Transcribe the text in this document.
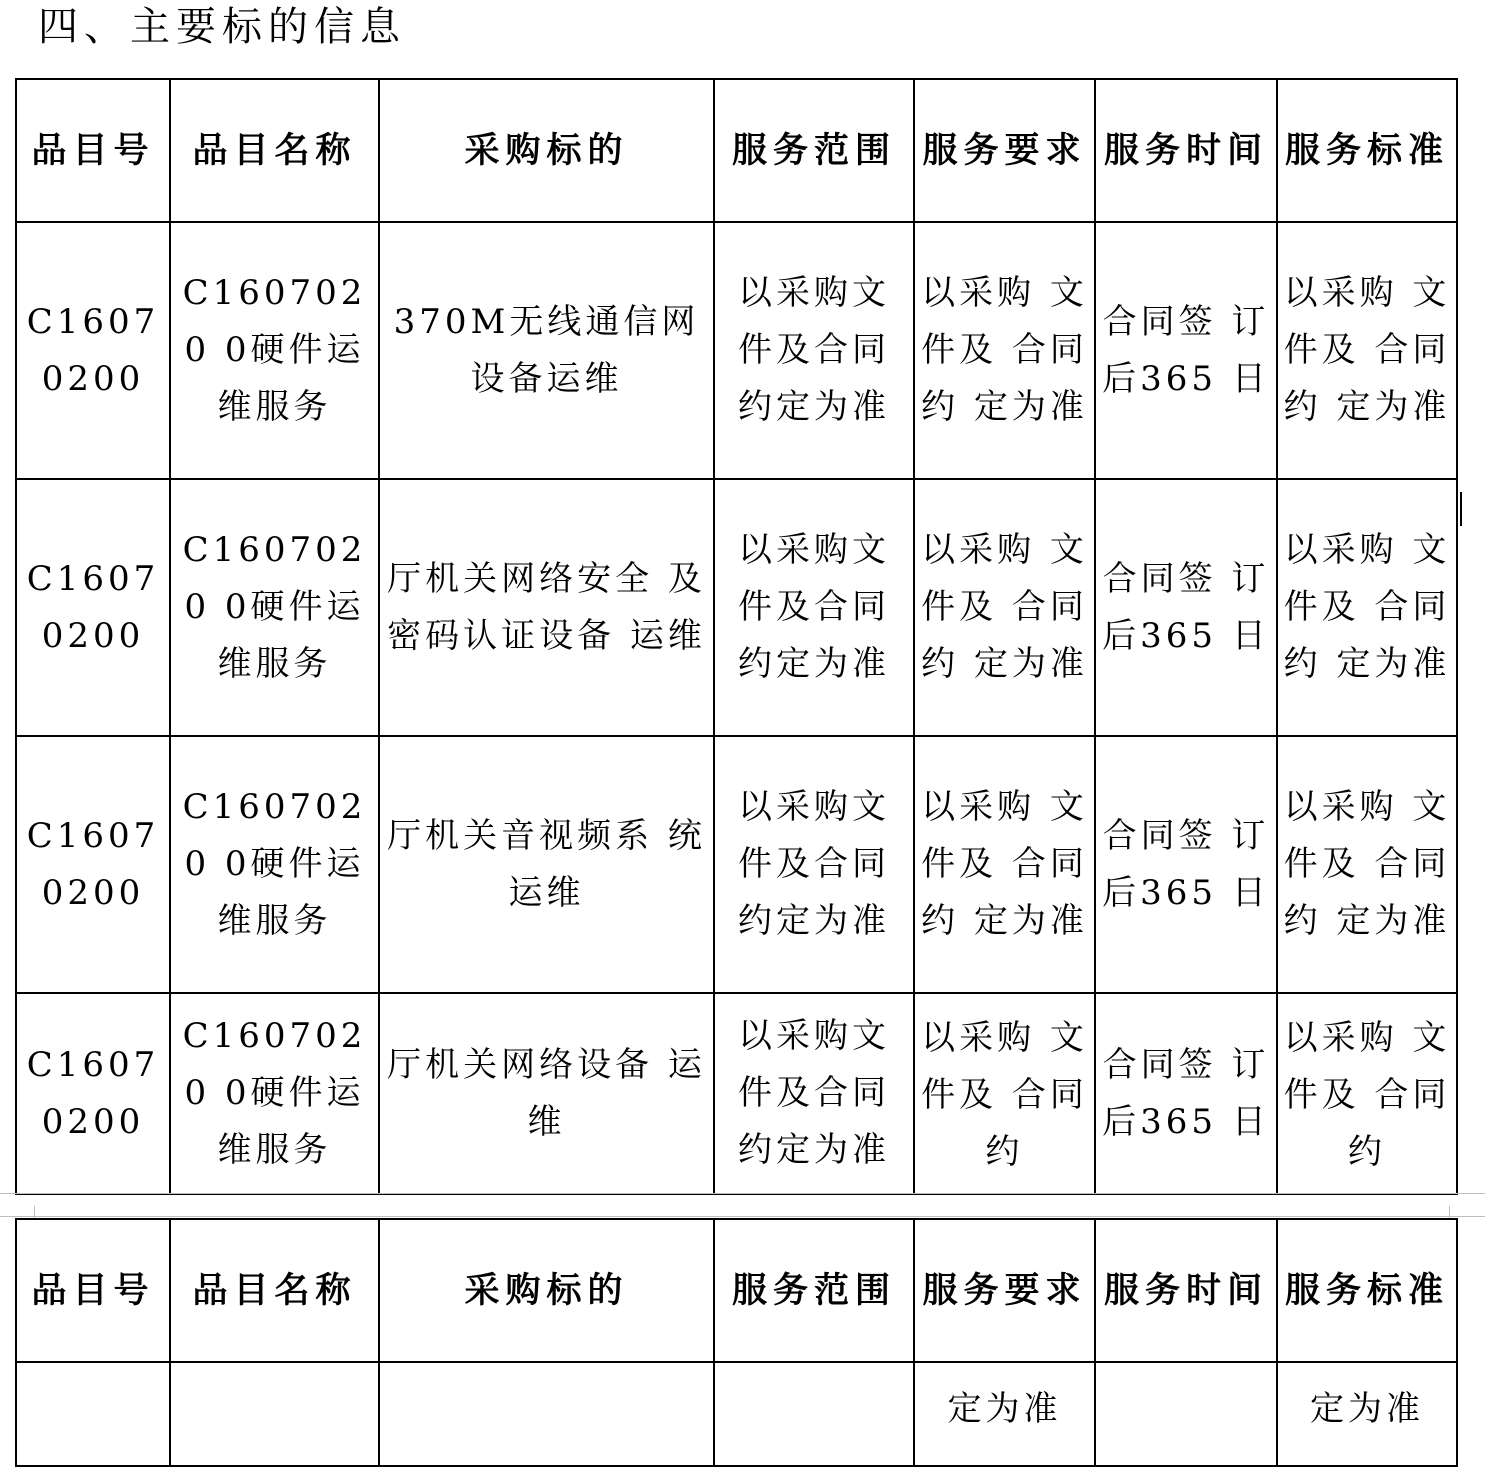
四、主要标的信息
品目号	品目名称	采购标的	服务范围	服务要求	服务时间	服务标准
C1607 0200	C1607020 0硬件运 维服务	370M无线通信网 设备运维	以采购文 件及合同 约定为准	以采购 文件及 合同约 定为准	合同签 订后365 日	以采购 文件及 合同约 定为准
C1607 0200	C1607020 0硬件运 维服务	厅机关网络安全 及密码认证设备 运维	以采购文 件及合同 约定为准	以采购 文件及 合同约 定为准	合同签 订后365 日	以采购 文件及 合同约 定为准
C1607 0200	C1607020 0硬件运 维服务	厅机关音视频系 统运维	以采购文 件及合同 约定为准	以采购 文件及 合同约 定为准	合同签 订后365 日	以采购 文件及 合同约 定为准
C1607 0200	C1607020 0硬件运 维服务	厅机关网络设备 运维	以采购文 件及合同 约定为准	以采购 文件及 合同约	合同签 订后365 日	以采购 文件及 合同约
品目号	品目名称	采购标的	服务范围	服务要求	服务时间	服务标准
				定为准		定为准
